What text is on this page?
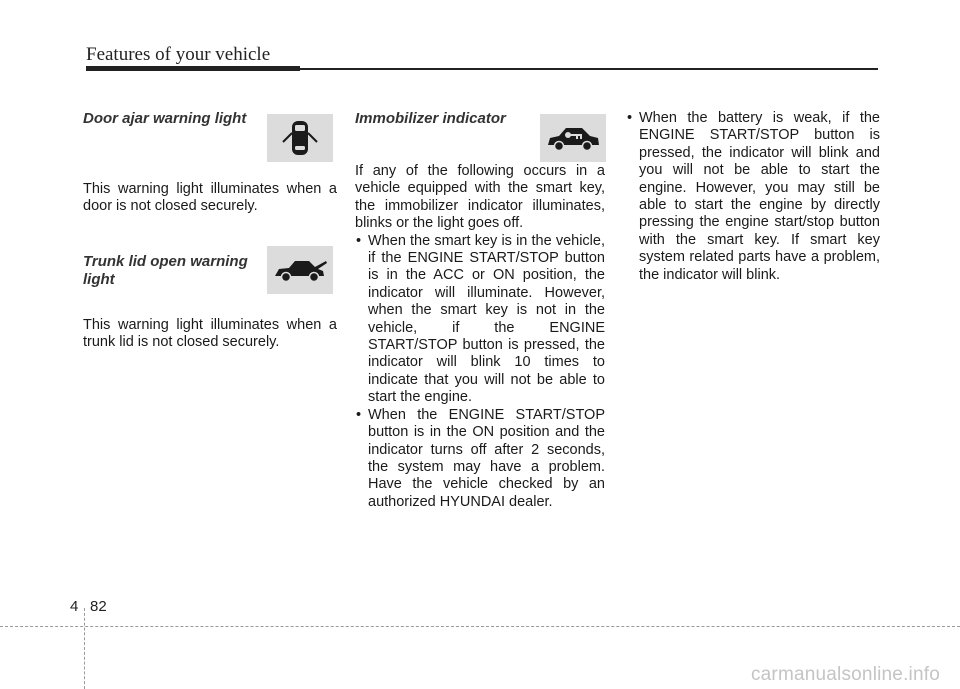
Features of your vehicle

Door ajar warning light

This warning light illuminates when a door is not closed securely.

Trunk lid open warning
light

This warning light illuminates when a trunk lid is not closed securely.

Immobilizer indicator

If any of the following occurs in a vehicle equipped with the smart key, the immobilizer indicator illuminates, blinks or the light goes off.

• When the smart key is in the vehicle, if the ENGINE START/STOP button is in the ACC or ON position, the indicator will illuminate. However, when the smart key is not in the vehicle, if the ENGINE START/STOP button is pressed, the indicator will blink 10 times to indicate that you will not be able to start the engine.
• When the ENGINE START/STOP button is in the ON position and the indicator turns off after 2 seconds, the system may have a problem. Have the vehicle checked by an authorized HYUNDAI dealer.
• When the battery is weak, if the ENGINE START/STOP button is pressed, the indicator will blink and you will not be able to start the engine. However, you may still be able to start the engine by directly pressing the engine start/stop button with the smart key. If smart key system related parts have a problem, the indicator will blink.
4 82
carmanualsonline.info
